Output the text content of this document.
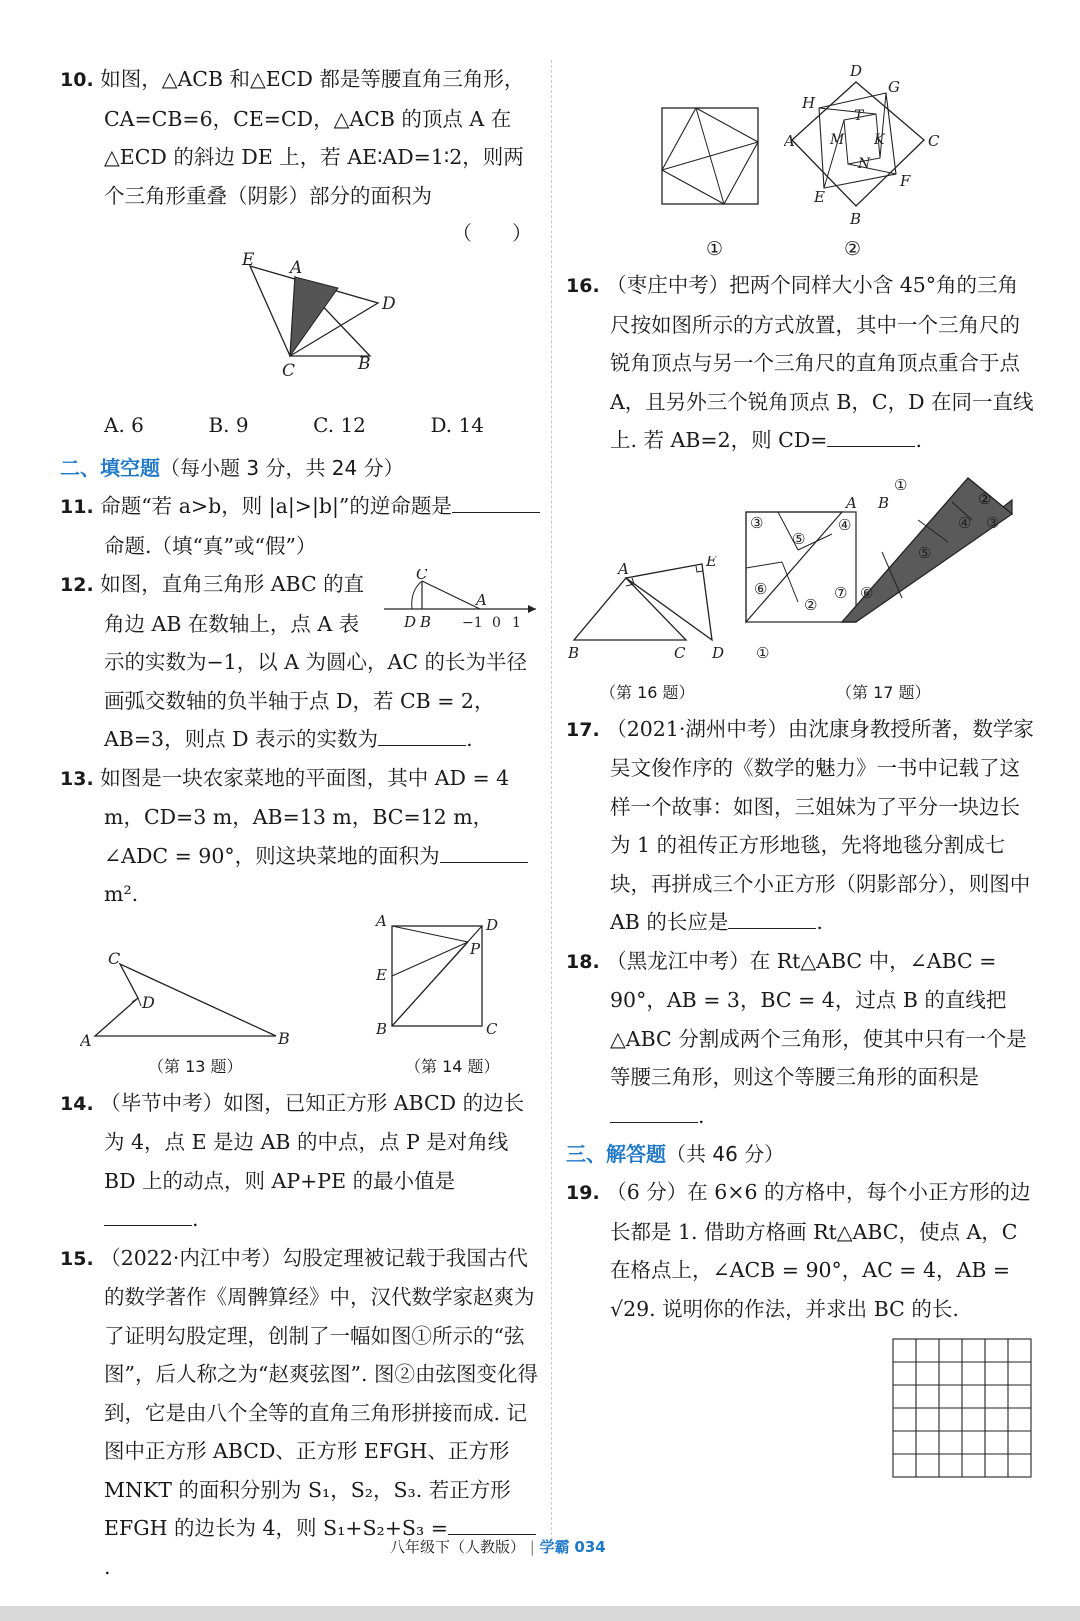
10. 如图，△ACB 和△ECD 都是等腰直角三角形，CA=CB=6，CE=CD，△ACB 的顶点 A 在△ECD 的斜边 DE 上，若 AE∶AD=1∶2，则两个三角形重叠（阴影）部分的面积为

（　　）

E A
D
C	B
A. 6	B. 9	C. 12	D. 14

二、填空题（每小题 3 分，共 24 分）

11. 命题“若 a>b，则 |a|>|b|”的逆命题是命题.（填“真”或“假”）

C
A
D B −1 0 1

12. 如图，直角三角形 ABC 的直角边 AB 在数轴上，点 A 表示的实数为−1，以 A 为圆心，AC 的长为半径画弧交数轴的负半轴于点 D，若 CB = 2，AB=3，则点 D 表示的实数为	.

13. 如图是一块农家菜地的平面图，其中 AD = 4 m，CD=3 m，AB=13 m，BC=12 m，∠ADC = 90°，则这块菜地的面积为m².

C
D
A	B
（第 13 题）
A	D
P
E
B	C
（第 14 题）

14. （毕节中考）如图，已知正方形 ABCD 的边长为 4，点 E 是边 AB 的中点，点 P 是对角线 BD 上的动点，则 AP+PE 的最小值是.

15. （2022·内江中考）勾股定理被记载于我国古代的数学著作《周髀算经》中，汉代数学家赵爽为了证明勾股定理，创制了一幅如图①所示的“弦图”，后人称之为“赵爽弦图”. 图②由弦图变化得到，它是由八个全等的直角三角形拼接而成. 记图中正方形 ABCD、正方形 EFGH、正方形 MNKT 的面积分别为 S₁，S₂，S₃. 若正方形 EFGH 的边长为 4，则 S₁+S₂+S₃ =.

D
G
H
T
A	M K	C
N
E
F
B
①	②

16. （枣庄中考）把两个同样大小含 45°角的三角尺按如图所示的方式放置，其中一个三角尺的锐角顶点与另一个三角尺的直角顶点重合于点 A，且另外三个锐角顶点 B，C，D 在同一直线上. 若 AB=2，则 CD=	.

A	E
B	C D
（第 16 题）
A B
①
②
③	④
⑤
⑥	⑦
⑤
④ ③
⑥
②
①
（第 17 题）

17. （2021·湖州中考）由沈康身教授所著，数学家吴文俊作序的《数学的魅力》一书中记载了这样一个故事：如图，三姐妹为了平分一块边长为 1 的祖传正方形地毯，先将地毯分割成七块，再拼成三个小正方形（阴影部分），则图中 AB 的长应是	.

18. （黑龙江中考）在 Rt△ABC 中，∠ABC = 90°，AB = 3，BC = 4，过点 B 的直线把△ABC 分割成两个三角形，使其中只有一个是等腰三角形，则这个等腰三角形的面积是.

三、解答题（共 46 分）

19. （6 分）在 6×6 的方格中，每个小正方形的边长都是 1. 借助方格画 Rt△ABC，使点 A，C 在格点上，∠ACB = 90°，AC = 4，AB = √29. 说明你的作法，并求出 BC 的长.

八年级下（人教版） | 学霸 034
